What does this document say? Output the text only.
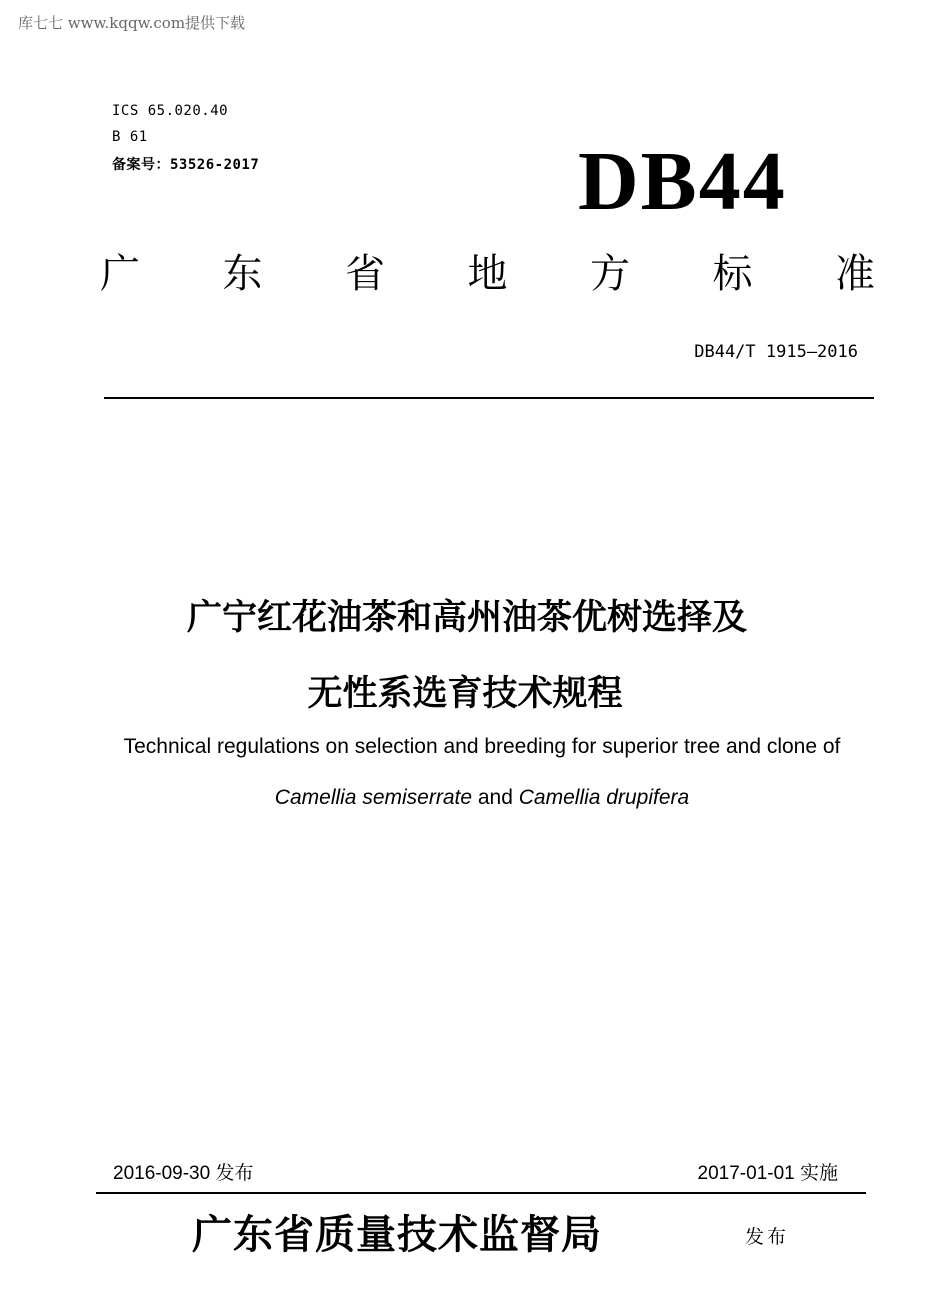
库七七 www.kqqw.com提供下载
ICS 65.020.40
B 61
备案号：53526-2017	DB44
广 东 省 地 方 标 准
DB44/T 1915—2016
广宁红花油茶和高州油茶优树选择及
无性系选育技术规程
Technical regulations on selection and breeding for superior tree and clone of
Camellia semiserrate and Camellia drupifera
2016-09-30 发布	2017-01-01 实施
广东省质量技术监督局	发布
